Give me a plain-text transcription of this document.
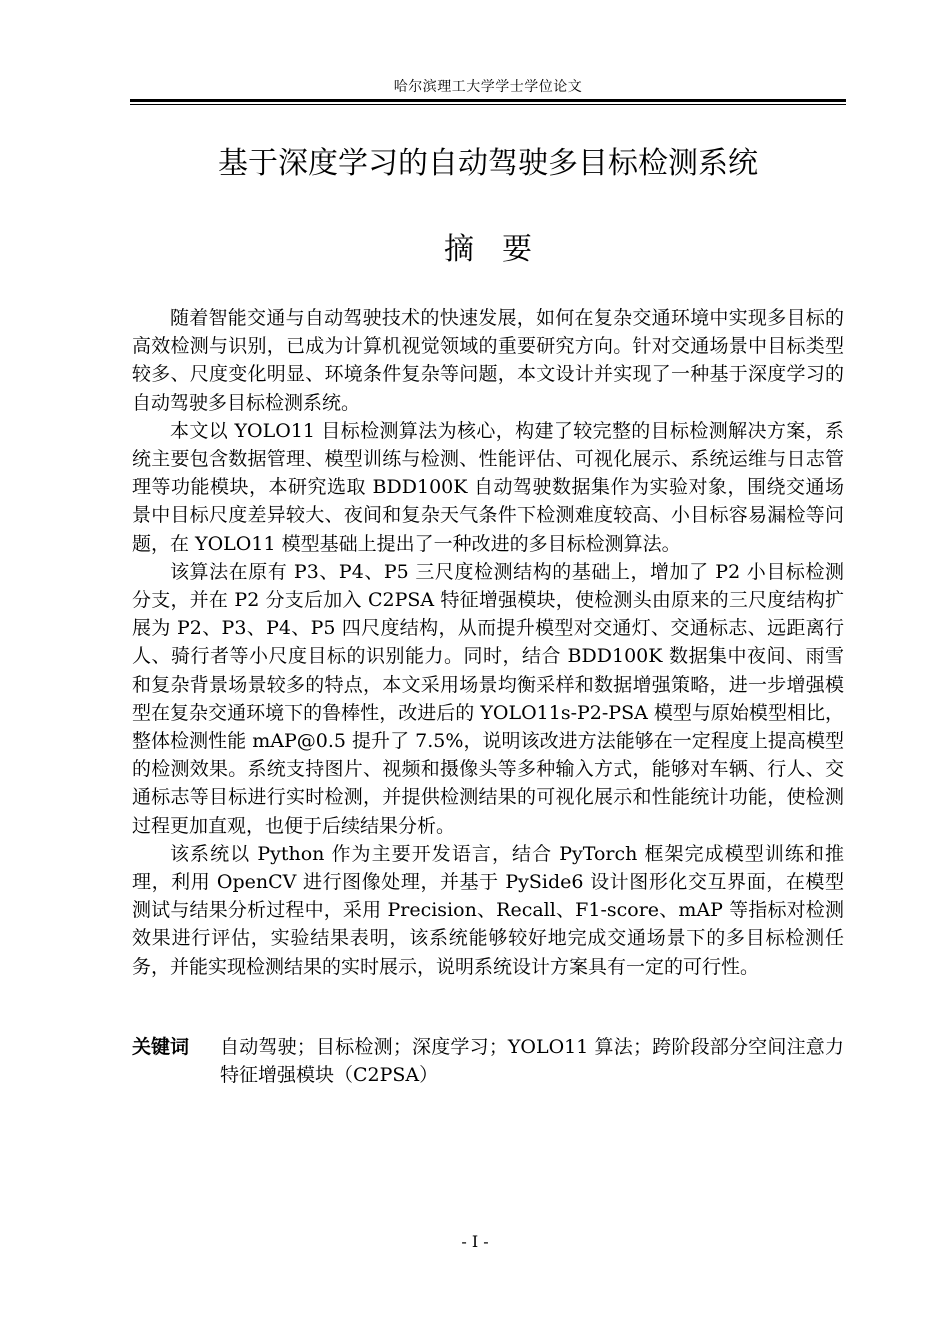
哈尔滨理工大学学士学位论文
基于深度学习的自动驾驶多目标检测系统
摘要

随着智能交通与自动驾驶技术的快速发展，如何在复杂交通环境中实现多目标的高效检测与识别，已成为计算机视觉领域的重要研究方向。针对交通场景中目标类型较多、尺度变化明显、环境条件复杂等问题，本文设计并实现了一种基于深度学习的自动驾驶多目标检测系统。

本文以 YOLO11 目标检测算法为核心，构建了较完整的目标检测解决方案，系统主要包含数据管理、模型训练与检测、性能评估、可视化展示、系统运维与日志管理等功能模块，本研究选取 BDD100K 自动驾驶数据集作为实验对象，围绕交通场景中目标尺度差异较大、夜间和复杂天气条件下检测难度较高、小目标容易漏检等问题，在 YOLO11 模型基础上提出了一种改进的多目标检测算法。

该算法在原有 P3、P4、P5 三尺度检测结构的基础上，增加了 P2 小目标检测分支，并在 P2 分支后加入 C2PSA 特征增强模块，使检测头由原来的三尺度结构扩展为 P2、P3、P4、P5 四尺度结构，从而提升模型对交通灯、交通标志、远距离行人、骑行者等小尺度目标的识别能力。同时，结合 BDD100K 数据集中夜间、雨雪和复杂背景场景较多的特点，本文采用场景均衡采样和数据增强策略，进一步增强模型在复杂交通环境下的鲁棒性，改进后的 YOLO11s-P2-PSA 模型与原始模型相比，整体检测性能 mAP@0.5 提升了 7.5%，说明该改进方法能够在一定程度上提高模型的检测效果。系统支持图片、视频和摄像头等多种输入方式，能够对车辆、行人、交通标志等目标进行实时检测，并提供检测结果的可视化展示和性能统计功能，使检测过程更加直观，也便于后续结果分析。

该系统以 Python 作为主要开发语言，结合 PyTorch 框架完成模型训练和推理，利用 OpenCV 进行图像处理，并基于 PySide6 设计图形化交互界面，在模型测试与结果分析过程中，采用 Precision、Recall、F1-score、mAP 等指标对检测效果进行评估，实验结果表明，该系统能够较好地完成交通场景下的多目标检测任务，并能实现检测结果的实时展示，说明系统设计方案具有一定的可行性。

关键词	自动驾驶；目标检测；深度学习；YOLO11 算法；跨阶段部分空间注意力特征增强模块（C2PSA）
- I -
